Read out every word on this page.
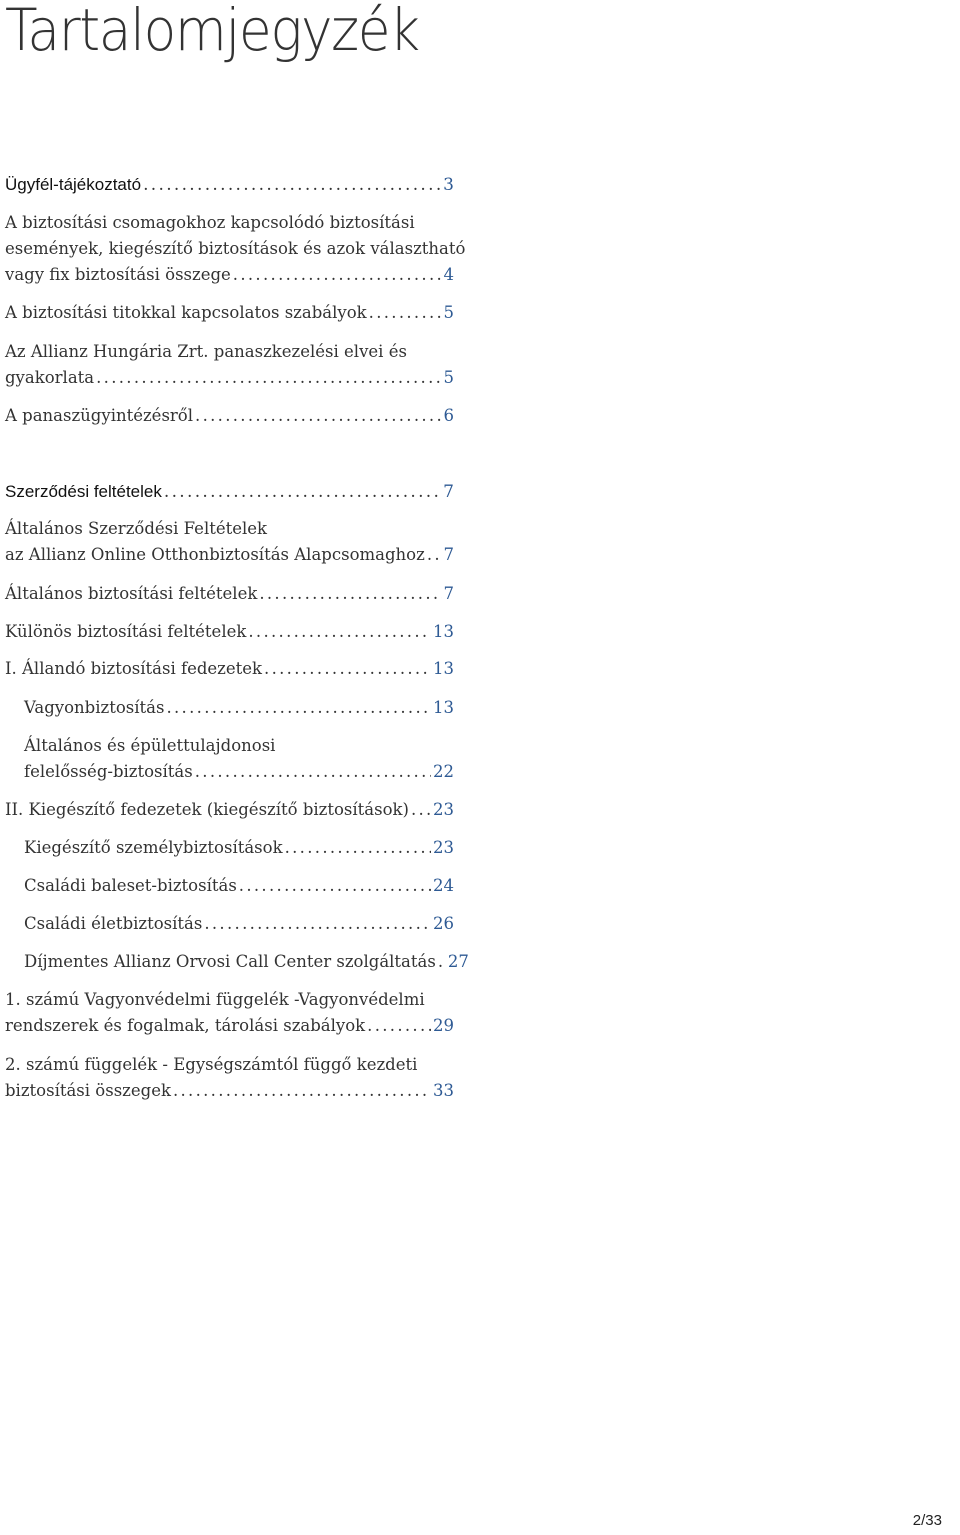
Tartalomjegyzék
Ügyfél-tájékoztató .....	3
A biztosítási csomagokhoz kapcsolódó biztosítási
események, kiegészítő biztosítások és azok választható
vagy fix biztosítási összege .....	4
A biztosítási titokkal kapcsolatos szabályok .....	5
Az Allianz Hungária Zrt. panaszkezelési elvei és
gyakorlata .....	5
A panaszügyintézésről .....	6
Szerződési feltételek .....	7
Általános Szerződési Feltételek
az Allianz Online Otthonbiztosítás Alapcsomaghoz ..... 7
Általános biztosítási feltételek .....	7
Különös biztosítási feltételek .....	13
I. Állandó biztosítási fedezetek .....	13
Vagyonbiztosítás .....	13
Általános és épülettulajdonosi
felelősség-biztosítás .....	22
II. Kiegészítő fedezetek (kiegészítő biztosítások) ..... 23
Kiegészítő személybiztosítások .....	23
Családi baleset-biztosítás .....	24
Családi életbiztosítás .....	26
Díjmentes Allianz Orvosi Call Center szolgáltatás ..... 27
1. számú Vagyonvédelmi függelék -Vagyonvédelmi
rendszerek és fogalmak, tárolási szabályok .....	29
2. számú függelék - Egységszámtól függő kezdeti
biztosítási összegek .....	33
2/33
